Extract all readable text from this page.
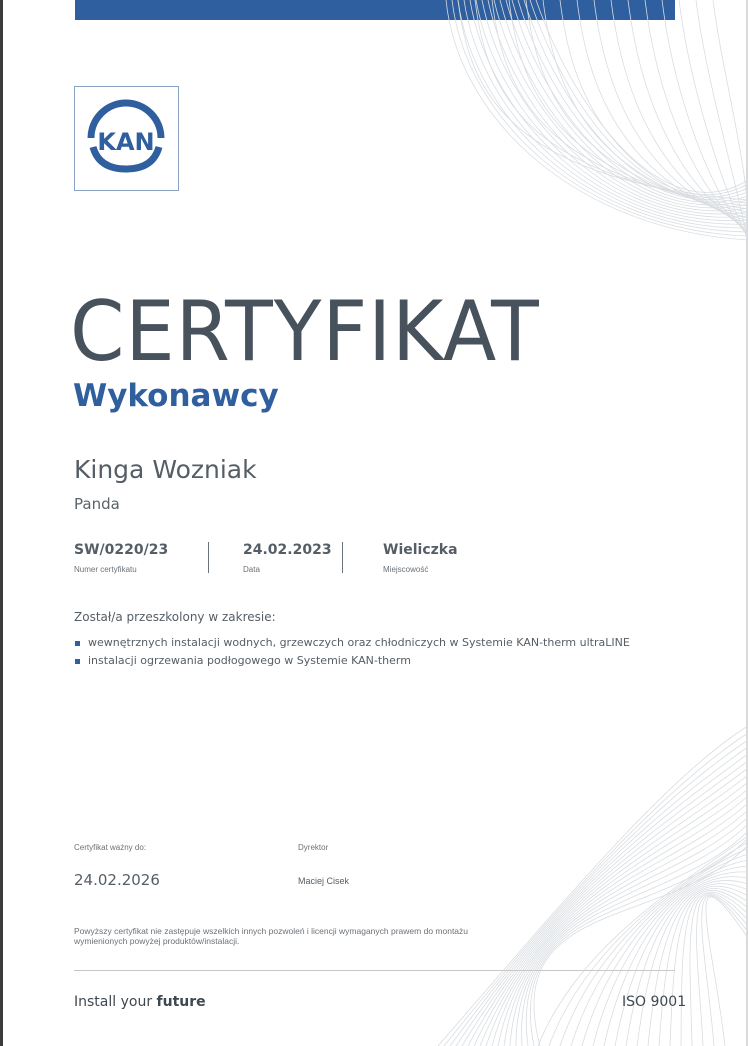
KAN
CERTYFIKAT
Wykonawcy
Kinga Wozniak
Panda
SW/0220/23
Numer certyfikatu
24.02.2023
Data
Wieliczka
Miejscowość
Został/a przeszkolony w zakresie:
wewnętrznych instalacji wodnych, grzewczych oraz chłodniczych w Systemie KAN-therm ultraLINE
instalacji ogrzewania podłogowego w Systemie KAN-therm
Certyfikat ważny do:
24.02.2026
Dyrektor
Maciej Cisek
Powyższy certyfikat nie zastępuje wszelkich innych pozwoleń i licencji wymaganych prawem do montażu wymienionych powyżej produktów/instalacji.
Install your future	ISO 9001
